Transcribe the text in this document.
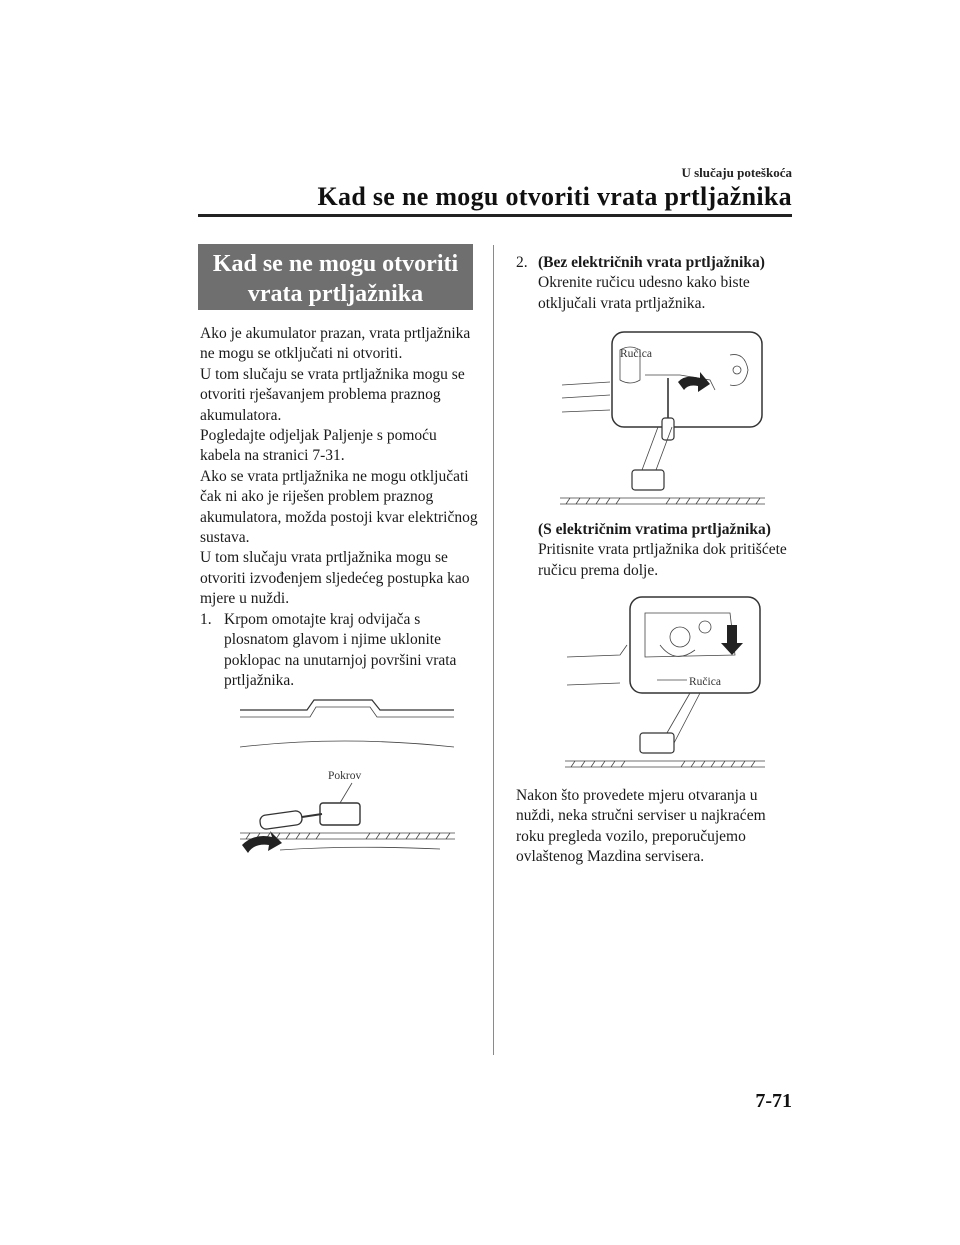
U slučaju poteškoća
Kad se ne mogu otvoriti vrata prtljažnika
Kad se ne mogu otvoriti
vrata prtljažnika

Ako je akumulator prazan, vrata prtljažnika ne mogu se otključati ni otvoriti.

U tom slučaju se vrata prtljažnika mogu se otvoriti rješavanjem problema praznog akumulatora.

Pogledajte odjeljak Paljenje s pomoću kabela na stranici 7-31.

Ako se vrata prtljažnika ne mogu otključati čak ni ako je riješen problem praznog akumulatora, možda postoji kvar električnog sustava.

U tom slučaju vrata prtljažnika mogu se otvoriti izvođenjem sljedećeg postupka kao mjere u nuždi.

1. Krpom omotajte kraj odvijača s plosnatom glavom i njime uklonite poklopac na unutarnjoj površini vrata prtljažnika.

Pokrov
2. (Bez električnih vrata prtljažnika)
Okrenite ručicu udesno kako biste otključali vrata prtljažnika.
Ručica
(S električnim vratima prtljažnika)
Pritisnite vrata prtljažnika dok pritišćete ručicu prema dolje.
Ručica
Nakon što provedete mjeru otvaranja u nuždi, neka stručni serviser u najkraćem roku pregleda vozilo, preporučujemo ovlaštenog Mazdina servisera.
7-71
